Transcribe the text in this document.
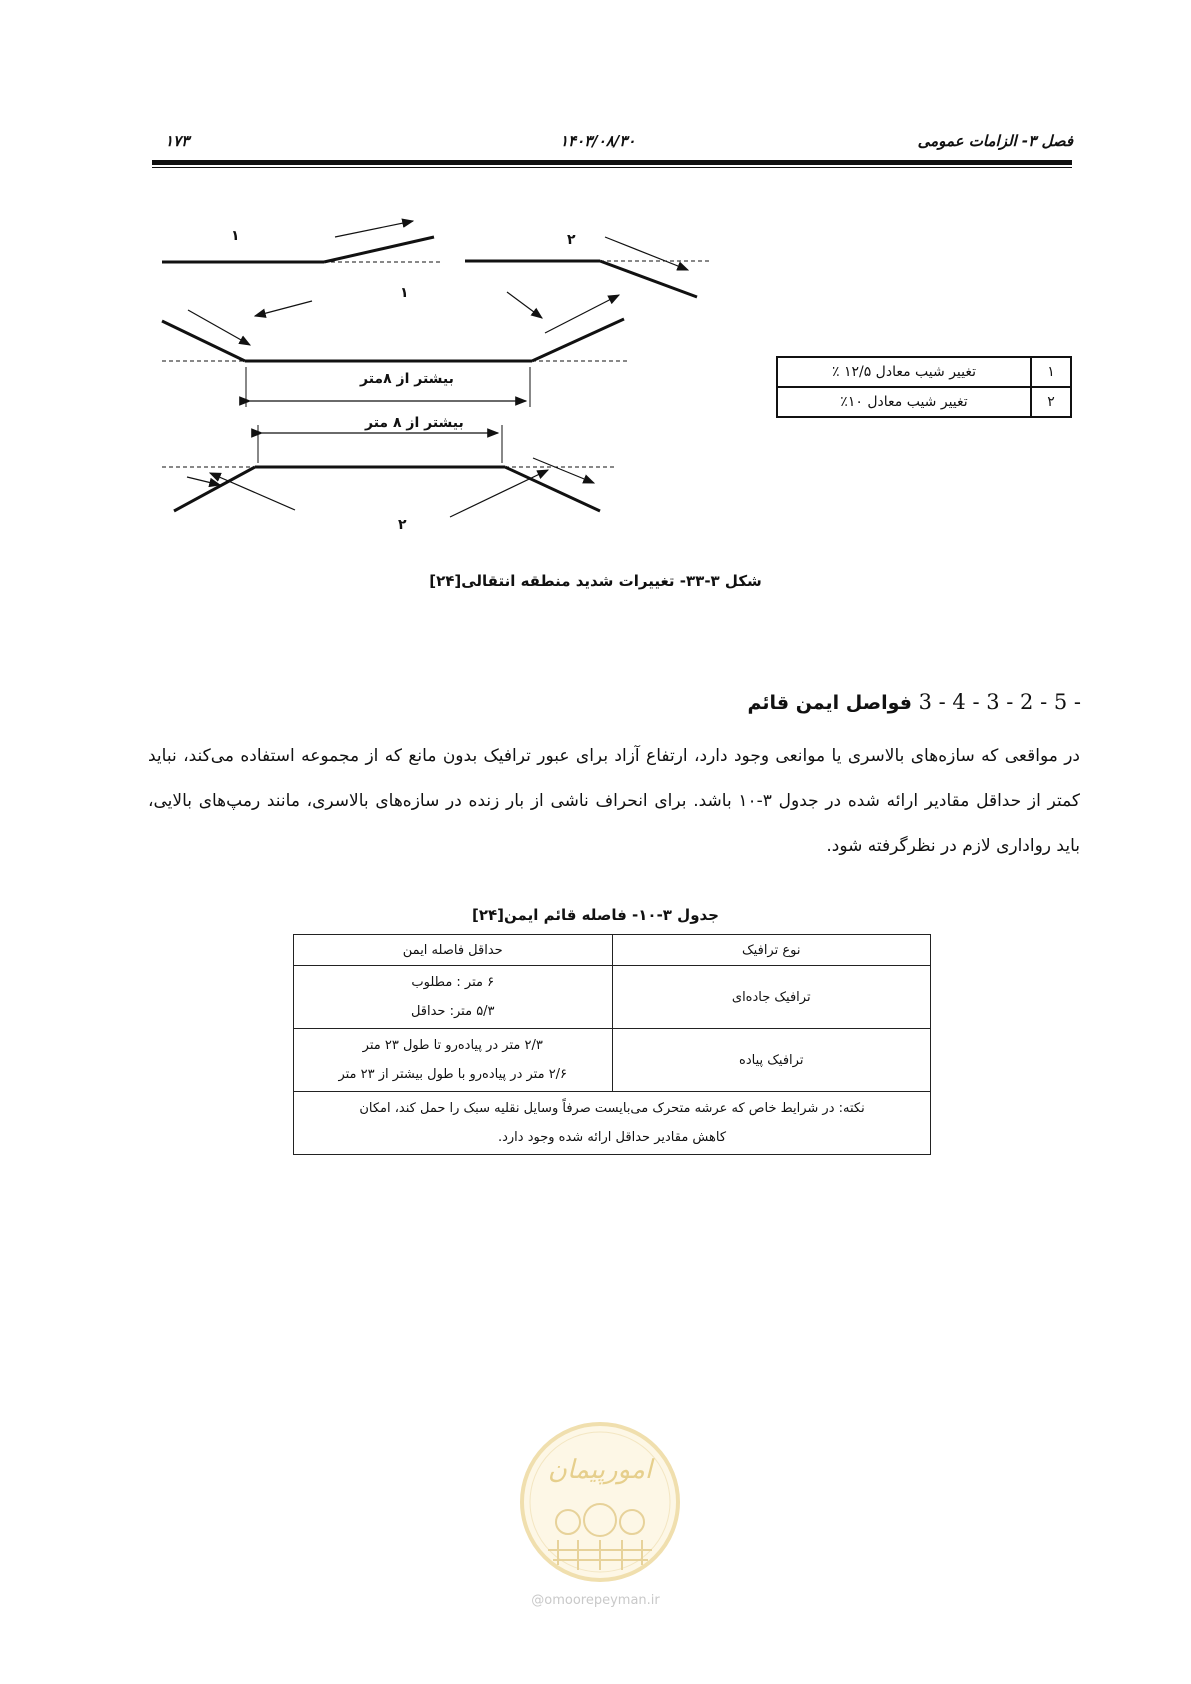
۱۷۳	۱۴۰۳/۰۸/۳۰	فصل ۳- الزامات عمومی
۱	۲
۱
۲
بیشتر از ۸متر
بیشتر از ۸ متر
۱	تغییر شیب معادل ۱۲/۵ ٪
۲	تغییر شیب معادل ۱۰٪
شکل ۳-۳۳- تغییرات شدید منطقه انتقالی[۲۴]
3 - 4 - 3 - 2 - 5 - فواصل ایمن قائم
در مواقعی که سازه‌های بالاسری یا موانعی وجود دارد، ارتفاع آزاد برای عبور ترافیک بدون مانع که از مجموعه استفاده می‌کند، نباید کمتر از حداقل مقادیر ارائه شده در جدول ۳-۱۰ باشد. برای انحراف ناشی از بار زنده در سازه‌های بالاسری، مانند رمپ‌های بالایی، باید رواداری لازم در نظرگرفته شود.
جدول ۳-۱۰- فاصله قائم ایمن[۲۴]
نوع ترافیک	حداقل فاصله ایمن
ترافیک جاده‌ای	۶ متر : مطلوب
۵/۳ متر: حداقل

ترافیک پیاده	۲/۳ متر در پیاده‌رو تا طول ۲۳ متر
۲/۶ متر در پیاده‌رو با طول بیشتر از ۲۳ متر

نکته: در شرایط خاص که عرشه متحرک می‌بایست صرفاً وسایل نقلیه سبک را حمل کند، امکان
کاهش مقادیر حداقل ارائه شده وجود دارد.	
امورپیمان
@omoorepeyman.ir
